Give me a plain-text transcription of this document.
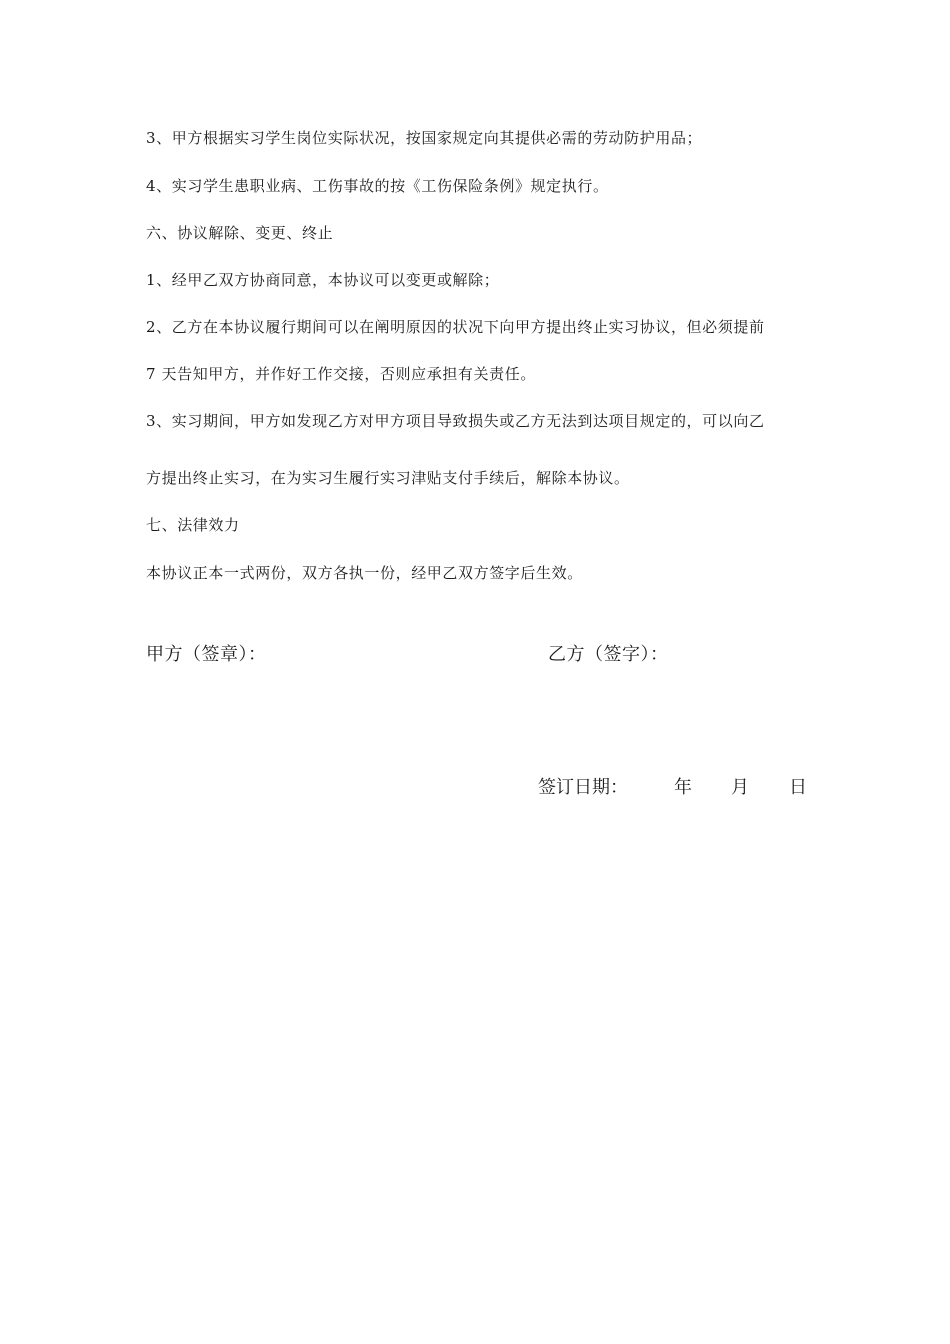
3、甲方根据实习学生岗位实际状况，按国家规定向其提供必需的劳动防护用品；
4、实习学生患职业病、工伤事故的按《工伤保险条例》规定执行。
六、协议解除、变更、终止
1、经甲乙双方协商同意，本协议可以变更或解除；
2、乙方在本协议履行期间可以在阐明原因的状况下向甲方提出终止实习协议，但必须提前
7 天告知甲方，并作好工作交接，否则应承担有关责任。
3、实习期间，甲方如发现乙方对甲方项目导致损失或乙方无法到达项目规定的，可以向乙
方提出终止实习，在为实习生履行实习津贴支付手续后，解除本协议。
七、法律效力
本协议正本一式两份，双方各执一份，经甲乙双方签字后生效。
甲方（签章）：	乙方（签字）：
签订日期：	年 月 日
